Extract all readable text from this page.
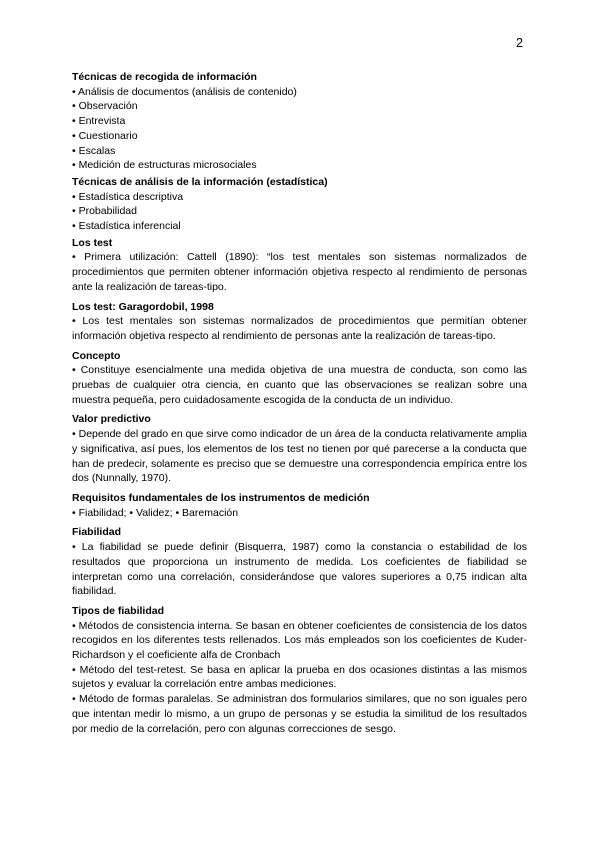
2
Técnicas de recogida de información
• Análisis de documentos (análisis de contenido)
• Observación
• Entrevista
• Cuestionario
• Escalas
• Medición de estructuras microsociales
Técnicas de análisis de la información (estadística)
• Estadística descriptiva
• Probabilidad
• Estadística inferencial
Los test
• Primera utilización: Cattell (1890): “los test mentales son sistemas normalizados de procedimientos que permiten obtener información objetiva respecto al rendimiento de personas ante la realización de tareas-tipo.
Los test: Garagordobil, 1998
• Los test mentales son sistemas normalizados de procedimientos que permitían obtener información objetiva respecto al rendimiento de personas ante la realización de tareas-tipo.
Concepto
• Constituye esencialmente una medida objetiva de una muestra de conducta, son como las pruebas de cualquier otra ciencia, en cuanto que las observaciones se realizan sobre una muestra pequeña, pero cuidadosamente escogida de la conducta de un individuo.
Valor predictivo
• Depende del grado en que sirve como indicador de un área de la conducta relativamente amplia y significativa, así pues, los elementos de los test no tienen por qué parecerse a la conducta que han de predecir, solamente es preciso que se demuestre una correspondencia empírica entre los dos (Nunnally, 1970).
Requisitos fundamentales de los instrumentos de medición
• Fiabilidad; • Validez; • Baremación
Fiabilidad
• La fiabilidad se puede definir (Bisquerra, 1987) como la constancia o estabilidad de los resultados que proporciona un instrumento de medida. Los coeficientes de fiabilidad se interpretan como una correlación, considerándose que valores superiores a 0,75 indican alta fiabilidad.
Tipos de fiabilidad
• Métodos de consistencia interna. Se basan en obtener coeficientes de consistencia de los datos recogidos en los diferentes tests rellenados. Los más empleados son los coeficientes de Kuder-Richardson y el coeficiente alfa de Cronbach
• Método del test-retest. Se basa en aplicar la prueba en dos ocasiones distintas a las mismos sujetos y evaluar la correlación entre ambas mediciones.
• Método de formas paralelas. Se administran dos formularios similares, que no son iguales pero que intentan medir lo mismo, a un grupo de personas y se estudia la similitud de los resultados por medio de la correlación, pero con algunas correcciones de sesgo.
